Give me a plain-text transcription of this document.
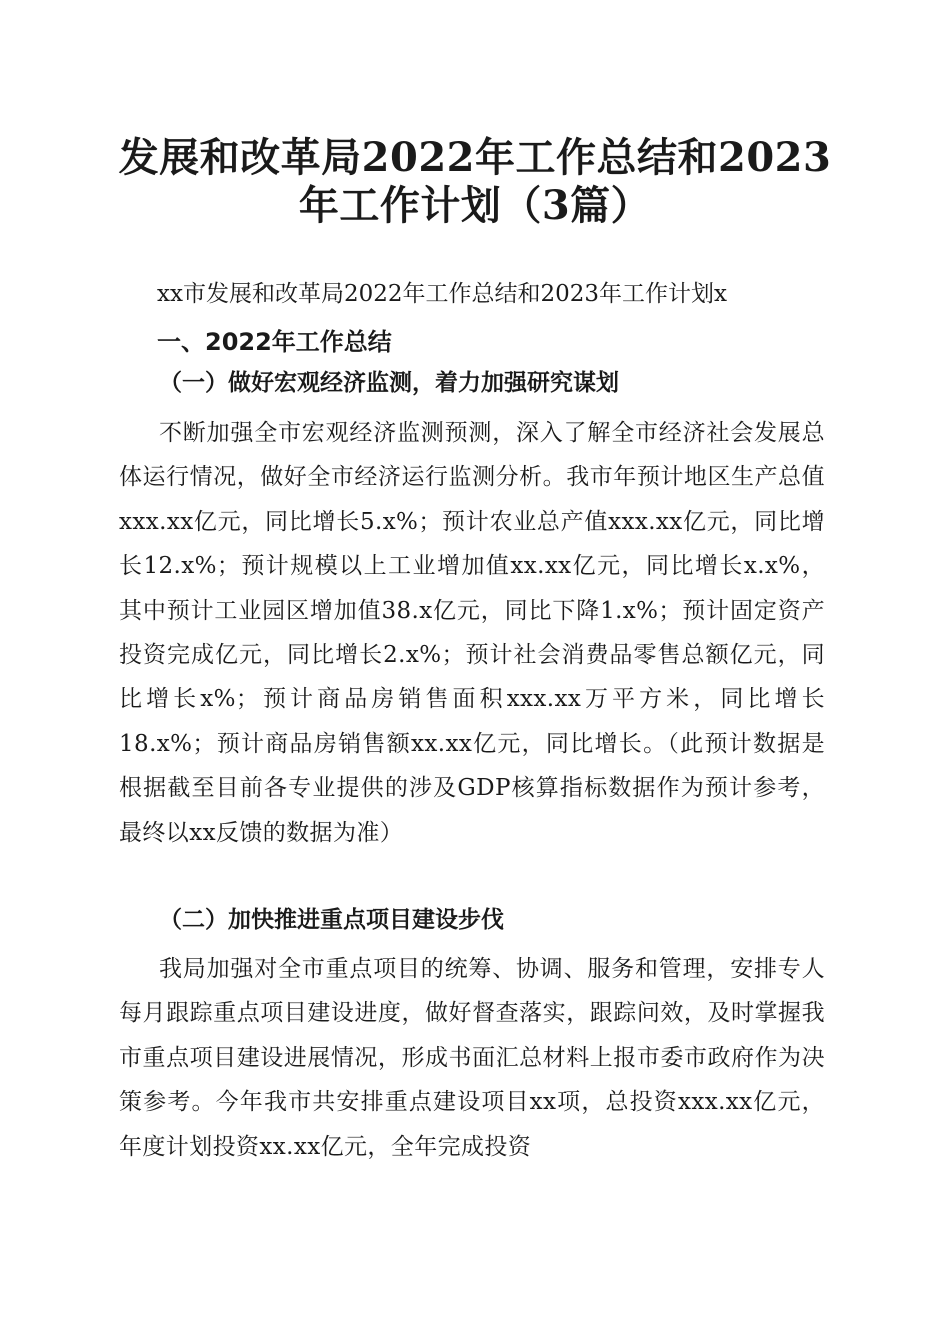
发展和改革局2022年工作总结和2023年工作计划（3篇）

xx市发展和改革局2022年工作总结和2023年工作计划x

一、2022年工作总结
（一）做好宏观经济监测，着力加强研究谋划

不断加强全市宏观经济监测预测，深入了解全市经济社会发展总体运行情况，做好全市经济运行监测分析。我市年预计地区生产总值xxx.xx亿元，同比增长5.x%；预计农业总产值xxx.xx亿元，同比增长12.x%；预计规模以上工业增加值xx.xx亿元，同比增长x.x%，其中预计工业园区增加值38.x亿元，同比下降1.x%；预计固定资产投资完成亿元，同比增长2.x%；预计社会消费品零售总额亿元，同比增长x%；预计商品房销售面积xxx.xx万平方米，同比增长18.x%；预计商品房销售额xx.xx亿元，同比增长。（此预计数据是根据截至目前各专业提供的涉及GDP核算指标数据作为预计参考，最终以xx反馈的数据为准）

（二）加快推进重点项目建设步伐

我局加强对全市重点项目的统筹、协调、服务和管理，安排专人每月跟踪重点项目建设进度，做好督查落实，跟踪问效，及时掌握我市重点项目建设进展情况，形成书面汇总材料上报市委市政府作为决策参考。今年我市共安排重点建设项目xx项，总投资xxx.xx亿元，年度计划投资xx.xx亿元，全年完成投资
